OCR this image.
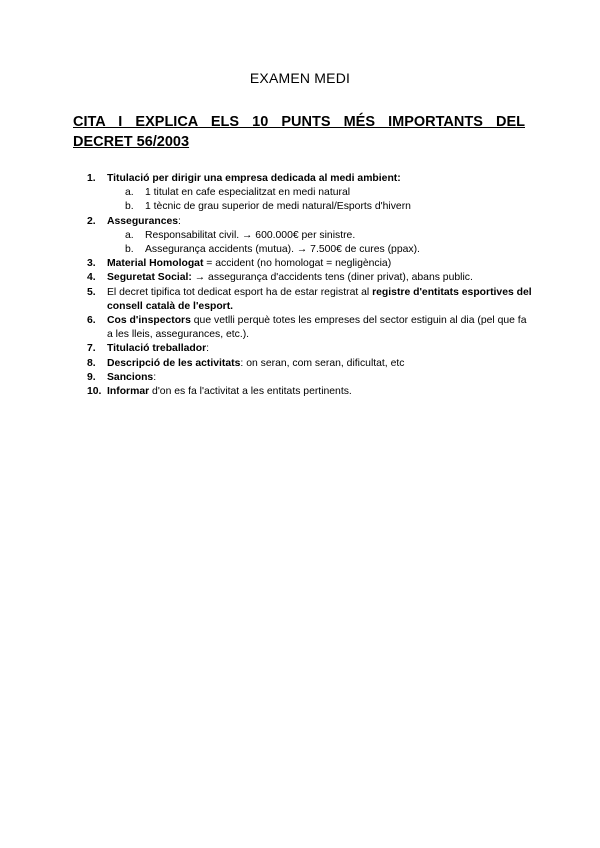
EXAMEN MEDI
CITA I EXPLICA ELS 10 PUNTS MÉS IMPORTANTS DEL
DECRET 56/2003
1.	Titulació per dirigir una empresa dedicada al medi ambient:
a. 1 titulat en cafe especialitzat en medi natural
b. 1 tècnic de grau superior de medi natural/Esports d'hivern
2.	Assegurances:
a. Responsabilitat civil. → 600.000€ per sinistre.
b. Assegurança accidents (mutua). → 7.500€ de cures (ppax).
3.	Material Homologat = accident (no homologat = negligència)
4.	Seguretat Social: → assegurança d'accidents tens (diner privat), abans public.
5.	El decret tipifica tot dedicat esport ha de estar registrat al registre d'entitats esportives del consell català de l'esport.
6.	Cos d'inspectors que vetlli perquè totes les empreses del sector estiguin al dia (pel que fa a les lleis, assegurances, etc.).
7.	Titulació treballador:
8.	Descripció de les activitats: on seran, com seran, dificultat, etc
9.	Sancions:
10. Informar d'on es fa l'activitat a les entitats pertinents.
